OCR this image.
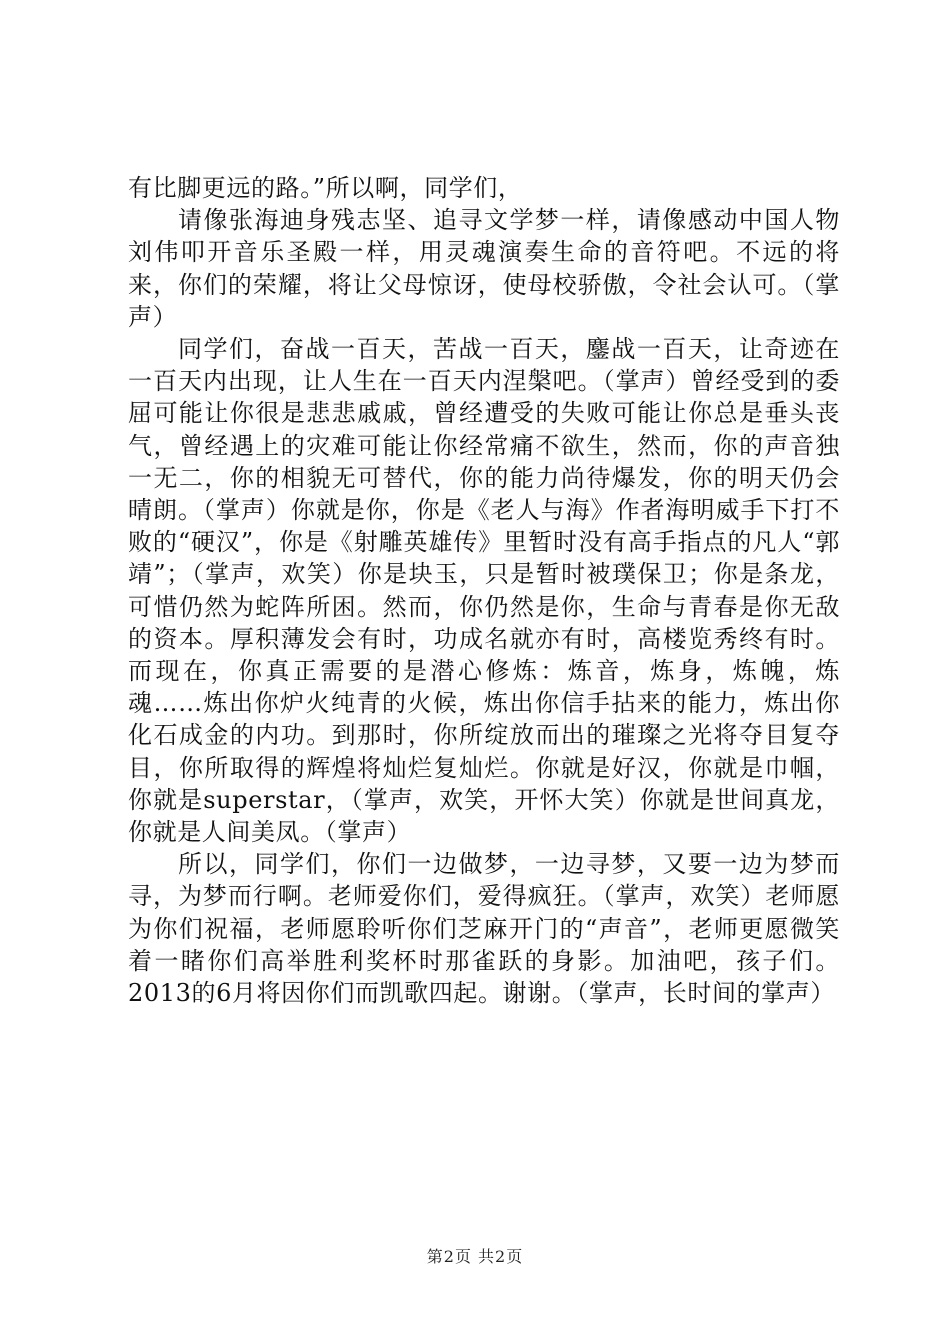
有比脚更远的路。”所以啊，同学们，

请像张海迪身残志坚、追寻文学梦一样，请像感动中国人物刘伟叩开音乐圣殿一样，用灵魂演奏生命的音符吧。不远的将来，你们的荣耀，将让父母惊讶，使母校骄傲，令社会认可。（掌声）

同学们，奋战一百天，苦战一百天，鏖战一百天，让奇迹在一百天内出现，让人生在一百天内涅槃吧。（掌声）曾经受到的委屈可能让你很是悲悲戚戚，曾经遭受的失败可能让你总是垂头丧气，曾经遇上的灾难可能让你经常痛不欲生，然而，你的声音独一无二，你的相貌无可替代，你的能力尚待爆发，你的明天仍会晴朗。（掌声）你就是你，你是《老人与海》作者海明威手下打不败的“硬汉”，你是《射雕英雄传》里暂时没有高手指点的凡人“郭靖”；（掌声，欢笑）你是块玉，只是暂时被璞保卫；你是条龙，可惜仍然为蛇阵所困。然而，你仍然是你，生命与青春是你无敌的资本。厚积薄发会有时，功成名就亦有时，高楼览秀终有时。而现在，你真正需要的是潜心修炼：炼音，炼身，炼魄，炼魂……炼出你炉火纯青的火候，炼出你信手拈来的能力，炼出你化石成金的内功。到那时，你所绽放而出的璀璨之光将夺目复夺目，你所取得的辉煌将灿烂复灿烂。你就是好汉，你就是巾帼，你就是superstar，（掌声，欢笑，开怀大笑）你就是世间真龙，你就是人间美凤。（掌声）

所以，同学们，你们一边做梦，一边寻梦，又要一边为梦而寻，为梦而行啊。老师爱你们，爱得疯狂。（掌声，欢笑）老师愿为你们祝福，老师愿聆听你们芝麻开门的“声音”，老师更愿微笑着一睹你们高举胜利奖杯时那雀跃的身影。加油吧，孩子们。2013的6月将因你们而凯歌四起。谢谢。（掌声，长时间的掌声）

第2页 共2页
